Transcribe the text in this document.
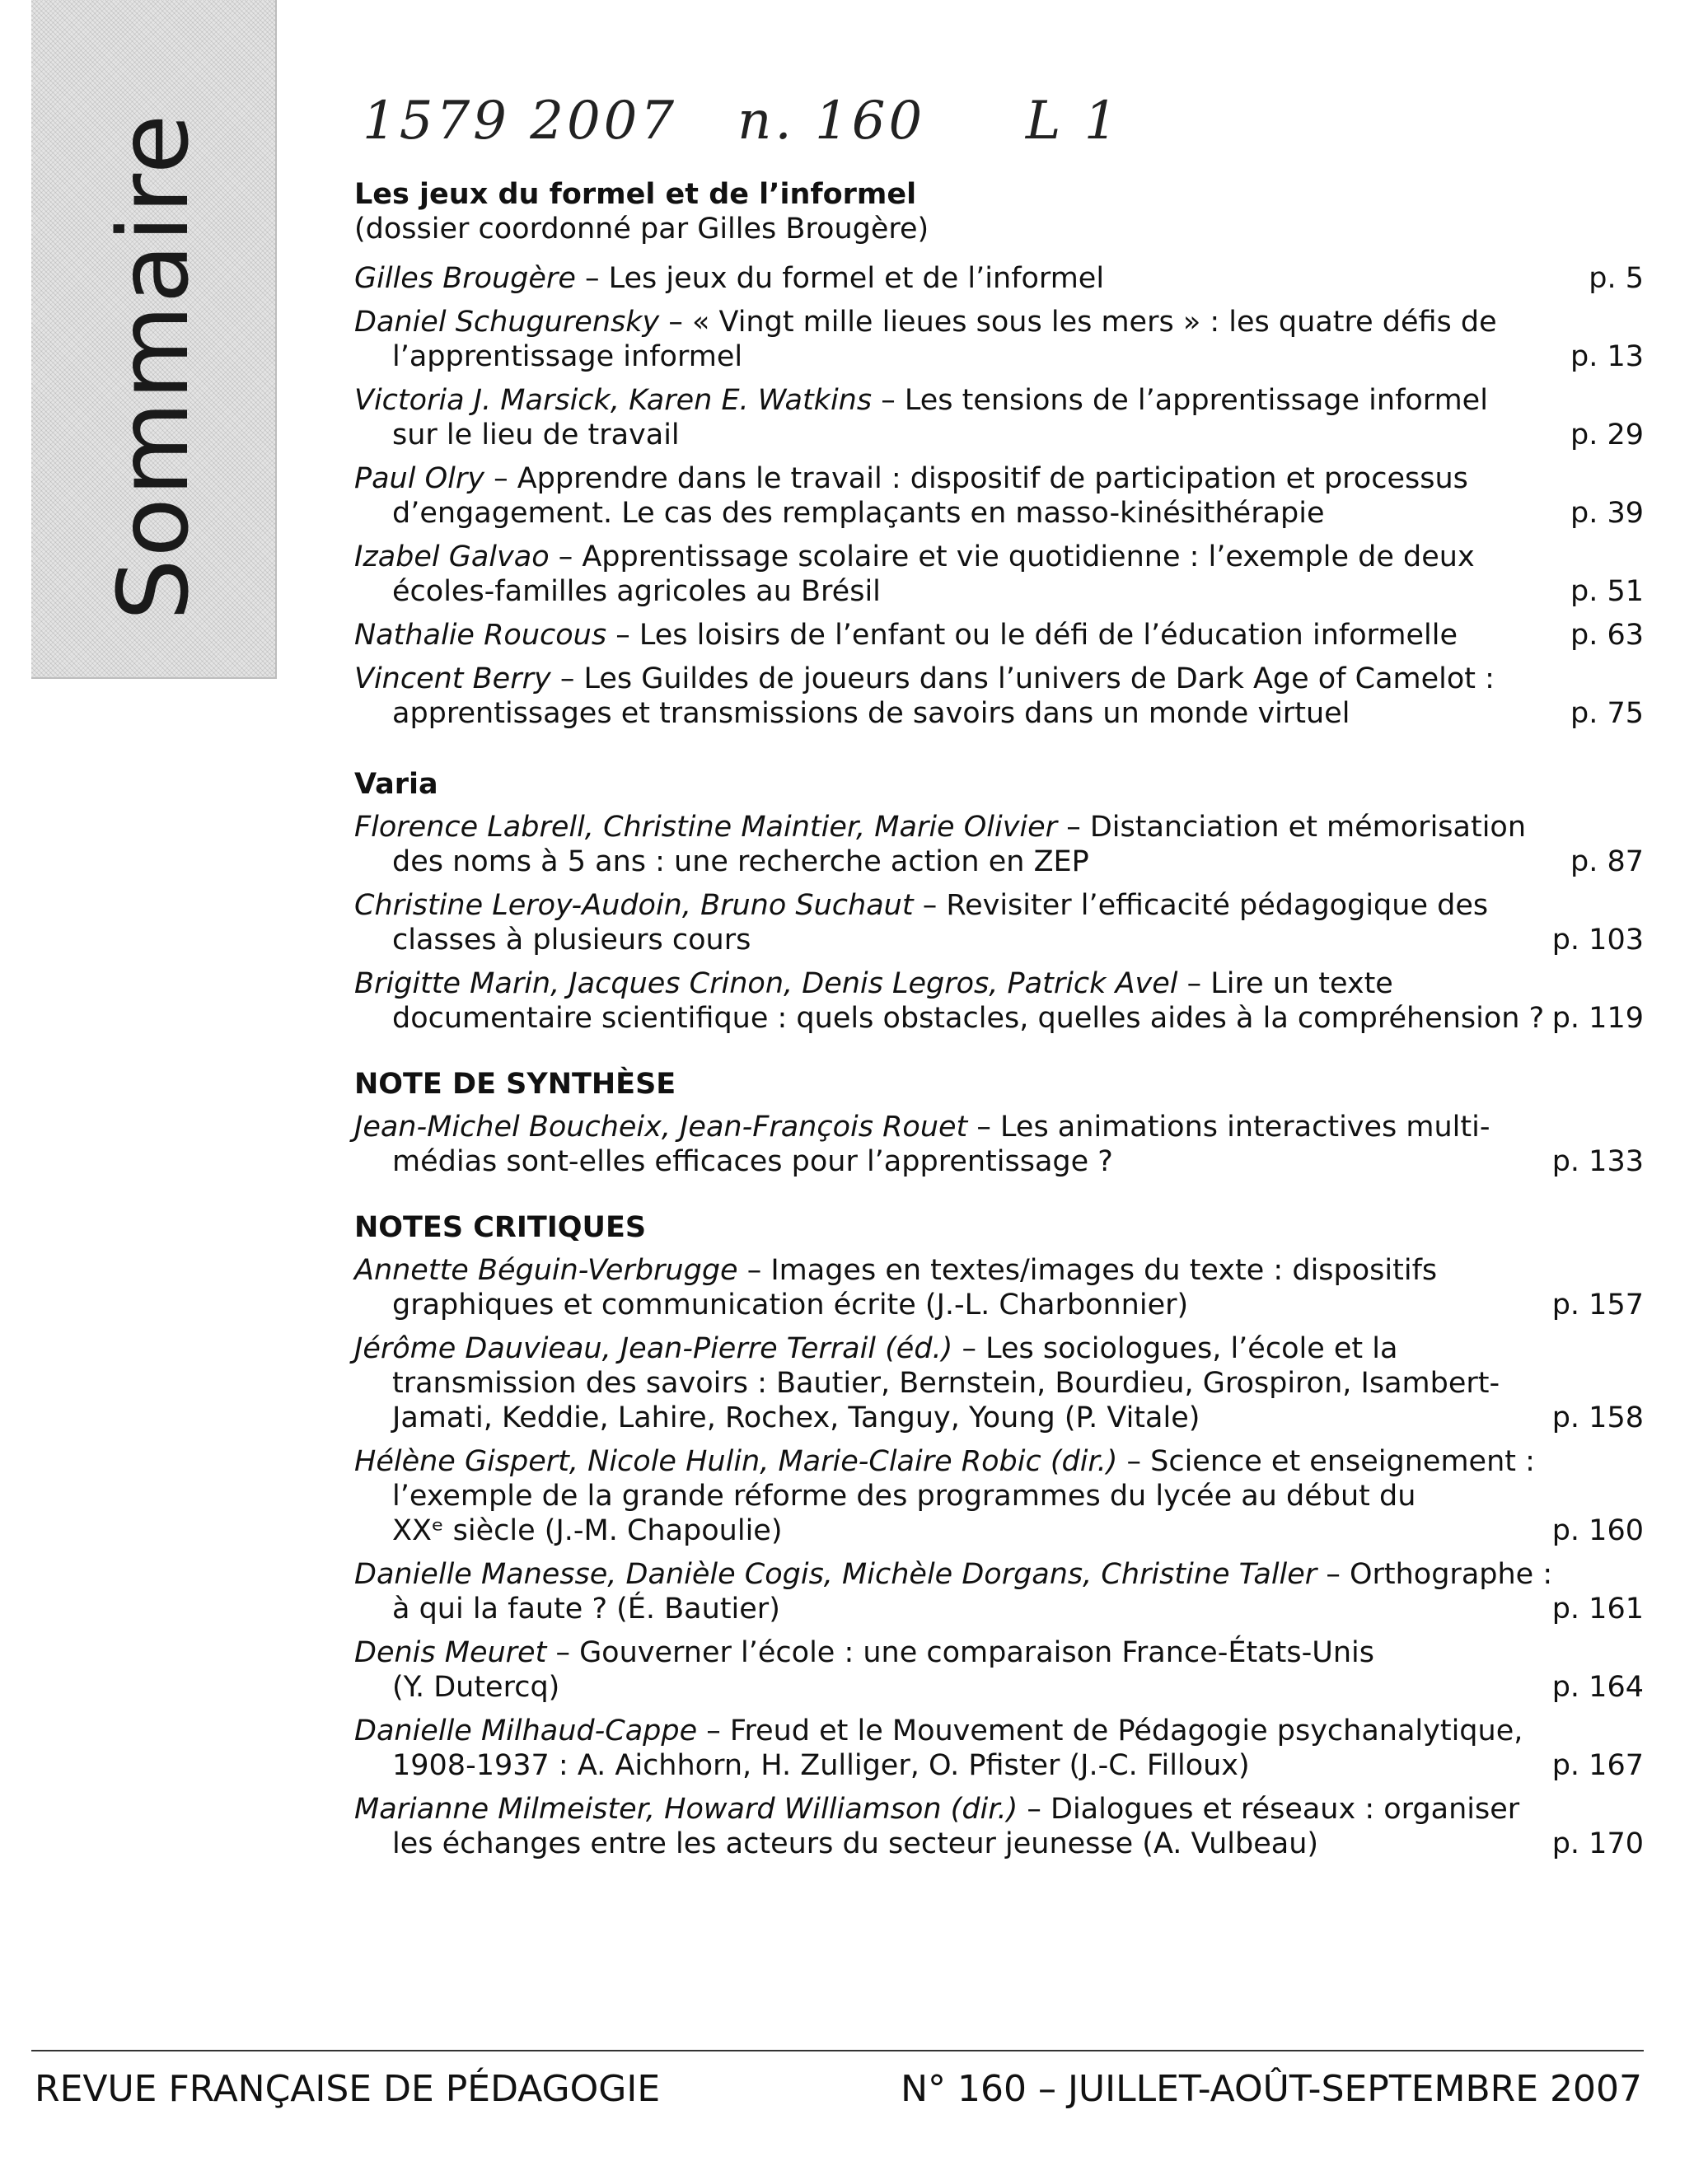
Sommaire	1579 2007   n. 160     L 1
Les jeux du formel et de l’informel
(dossier coordonné par Gilles Brougère)
Gilles Brougère – Les jeux du formel et de l’informel	p. 5
Daniel Schugurensky – « Vingt mille lieues sous les mers » : les quatre défis de
l’apprentissage informel	p. 13
Victoria J. Marsick, Karen E. Watkins – Les tensions de l’apprentissage informel
sur le lieu de travail	p. 29
Paul Olry – Apprendre dans le travail : dispositif de participation et processus
d’engagement. Le cas des remplaçants en masso-kinésithérapie	p. 39
Izabel Galvao – Apprentissage scolaire et vie quotidienne : l’exemple de deux
écoles-familles agricoles au Brésil	p. 51
Nathalie Roucous – Les loisirs de l’enfant ou le défi de l’éducation informelle	p. 63
Vincent Berry – Les Guildes de joueurs dans l’univers de Dark Age of Camelot :
apprentissages et transmissions de savoirs dans un monde virtuel	p. 75
Varia
Florence Labrell, Christine Maintier, Marie Olivier – Distanciation et mémorisation
des noms à 5 ans : une recherche action en ZEP	p. 87
Christine Leroy-Audoin, Bruno Suchaut – Revisiter l’efficacité pédagogique des
classes à plusieurs cours	p. 103
Brigitte Marin, Jacques Crinon, Denis Legros, Patrick Avel – Lire un texte
documentaire scientifique : quels obstacles, quelles aides à la compréhension ? p. 119
NOTE DE SYNTHÈSE
Jean-Michel Boucheix, Jean-François Rouet – Les animations interactives multi-
médias sont-elles efficaces pour l’apprentissage ?	p. 133
NOTES CRITIQUES
Annette Béguin-Verbrugge – Images en textes/images du texte : dispositifs
graphiques et communication écrite (J.-L. Charbonnier)	p. 157
Jérôme Dauvieau, Jean-Pierre Terrail (éd.) – Les sociologues, l’école et la
transmission des savoirs : Bautier, Bernstein, Bourdieu, Grospiron, Isambert-
Jamati, Keddie, Lahire, Rochex, Tanguy, Young (P. Vitale)	p. 158
Hélène Gispert, Nicole Hulin, Marie-Claire Robic (dir.) – Science et enseignement :
l’exemple de la grande réforme des programmes du lycée au début du
XXᵉ siècle (J.-M. Chapoulie)	p. 160
Danielle Manesse, Danièle Cogis, Michèle Dorgans, Christine Taller – Orthographe :
à qui la faute ? (É. Bautier)	p. 161
Denis Meuret – Gouverner l’école : une comparaison France-États-Unis
(Y. Dutercq)	p. 164
Danielle Milhaud-Cappe – Freud et le Mouvement de Pédagogie psychanalytique,
1908-1937 : A. Aichhorn, H. Zulliger, O. Pfister (J.-C. Filloux)	p. 167
Marianne Milmeister, Howard Williamson (dir.) – Dialogues et réseaux : organiser
les échanges entre les acteurs du secteur jeunesse (A. Vulbeau)	p. 170
REVUE FRANÇAISE DE PÉDAGOGIE	N° 160 – JUILLET-AOÛT-SEPTEMBRE 2007
